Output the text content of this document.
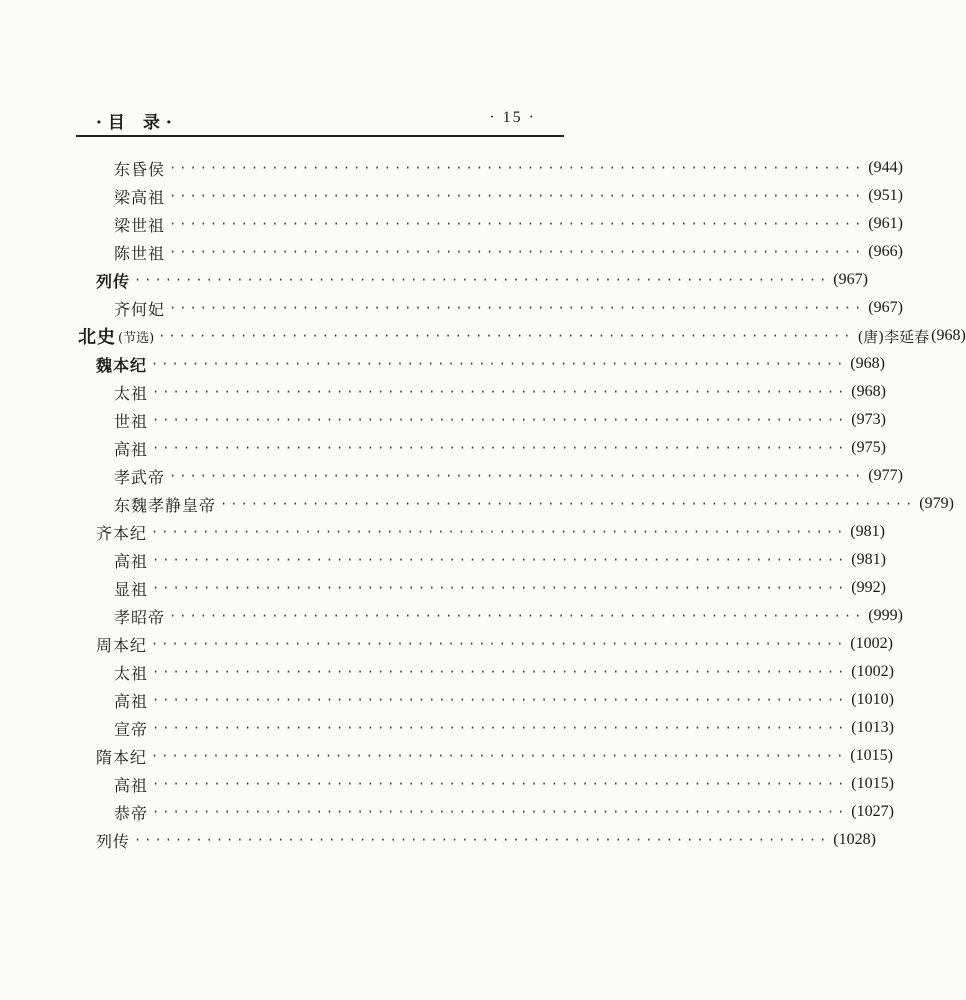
·目 录·	· 15 ·
东昏侯 ···································································· (944)
梁高祖 ···································································· (951)
梁世祖 ···································································· (961)
陈世祖 ···································································· (966)
列传 ···································································· (967)
齐何妃 ···································································· (967)
北史 (节选) ···································································· (唐)李延春 (968)
魏本纪 ···································································· (968)
太祖 ···································································· (968)
世祖 ···································································· (973)
高祖 ···································································· (975)
孝武帝 ···································································· (977)
东魏孝静皇帝 ···································································· (979)
齐本纪 ···································································· (981)
高祖 ···································································· (981)
显祖 ···································································· (992)
孝昭帝 ···································································· (999)
周本纪 ···································································· (1002)
太祖 ···································································· (1002)
高祖 ···································································· (1010)
宣帝 ···································································· (1013)
隋本纪 ···································································· (1015)
高祖 ···································································· (1015)
恭帝 ···································································· (1027)
列传 ···································································· (1028)
